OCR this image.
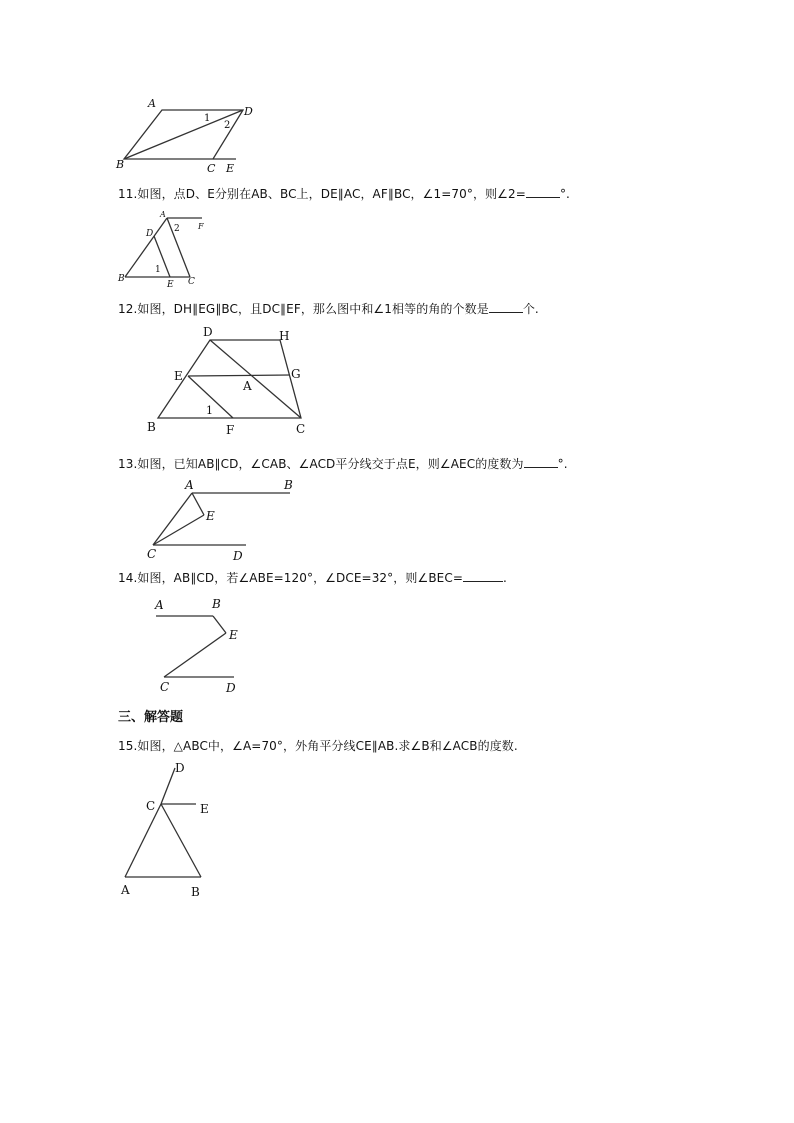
A
D
B	C E
1
2
11.如图，点D、E分别在AB、BC上，DE∥AC，AF∥BC，∠1=70°，则∠2=	°.
A
D
F
B	C
E
1
2
12.如图，DH∥EG∥BC，且DC∥EF，那么图中和∠1相等的角的个数是	个.
D	H
E	G
A
B	F	C
1
13.如图，已知AB∥CD，∠CAB、∠ACD平分线交于点E，则∠AEC的度数为	°.
A	B
E
C	D
14.如图，AB∥CD，若∠ABE=120°，∠DCE=32°，则∠BEC=	.
A	B
E
C	D
三、解答题
15.如图，△ABC中，∠A=70°，外角平分线CE∥AB.求∠B和∠ACB的度数.
D
C	E
A	B
